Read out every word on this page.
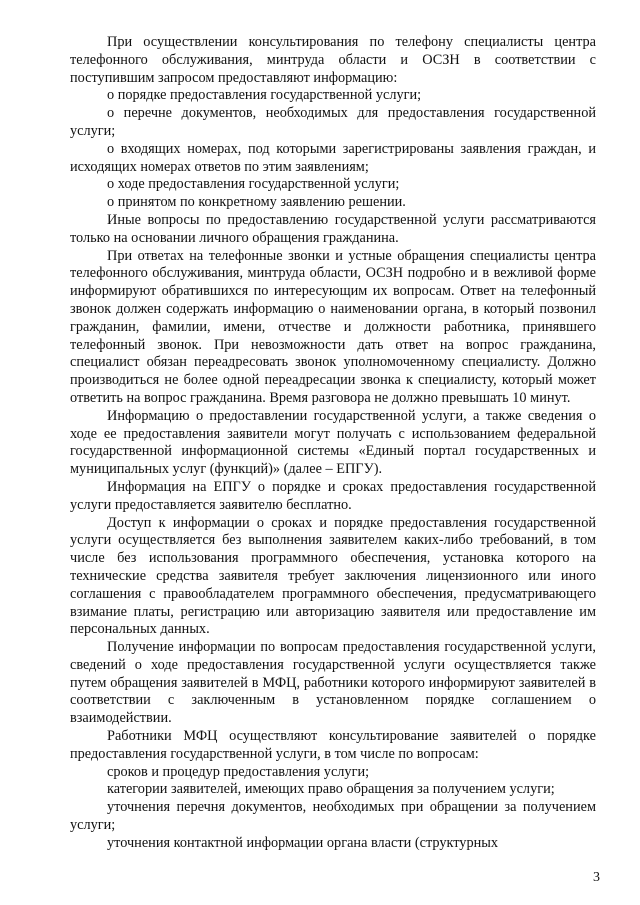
При осуществлении консультирования по телефону специалисты центра телефонного обслуживания, минтруда области и ОСЗН в соответствии с поступившим запросом предоставляют информацию:

о порядке предоставления государственной услуги;

о перечне документов, необходимых для предоставления государственной услуги;

о входящих номерах, под которыми зарегистрированы заявления граждан, и исходящих номерах ответов по этим заявлениям;

о ходе предоставления государственной услуги;

о принятом по конкретному заявлению решении.

Иные вопросы по предоставлению государственной услуги рассматриваются только на основании личного обращения гражданина.

При ответах на телефонные звонки и устные обращения специалисты центра телефонного обслуживания, минтруда области, ОСЗН подробно и в вежливой форме информируют обратившихся по интересующим их вопросам. Ответ на телефонный звонок должен содержать информацию о наименовании органа, в который позвонил гражданин, фамилии, имени, отчестве и должности работника, принявшего телефонный звонок. При невозможности дать ответ на вопрос гражданина, специалист обязан переадресовать звонок уполномоченному специалисту. Должно производиться не более одной переадресации звонка к специалисту, который может ответить на вопрос гражданина. Время разговора не должно превышать 10 минут.

Информацию о предоставлении государственной услуги, а также сведения о ходе ее предоставления заявители могут получать с использованием федеральной государственной информационной системы «Единый портал государственных и муниципальных услуг (функций)» (далее – ЕПГУ).

Информация на ЕПГУ о порядке и сроках предоставления государственной услуги предоставляется заявителю бесплатно.

Доступ к информации о сроках и порядке предоставления государственной услуги осуществляется без выполнения заявителем каких-либо требований, в том числе без использования программного обеспечения, установка которого на технические средства заявителя требует заключения лицензионного или иного соглашения с правообладателем программного обеспечения, предусматривающего взимание платы, регистрацию или авторизацию заявителя или предоставление им персональных данных.

Получение информации по вопросам предоставления государственной услуги, сведений о ходе предоставления государственной услуги осуществляется также путем обращения заявителей в МФЦ, работники которого информируют заявителей в соответствии с заключенным в установленном порядке соглашением о взаимодействии.

Работники МФЦ осуществляют консультирование заявителей о порядке предоставления государственной услуги, в том числе по вопросам:

сроков и процедур предоставления услуги;

категории заявителей, имеющих право обращения за получением услуги;

уточнения перечня документов, необходимых при обращении за получением услуги;

уточнения контактной информации органа власти (структурных

3
